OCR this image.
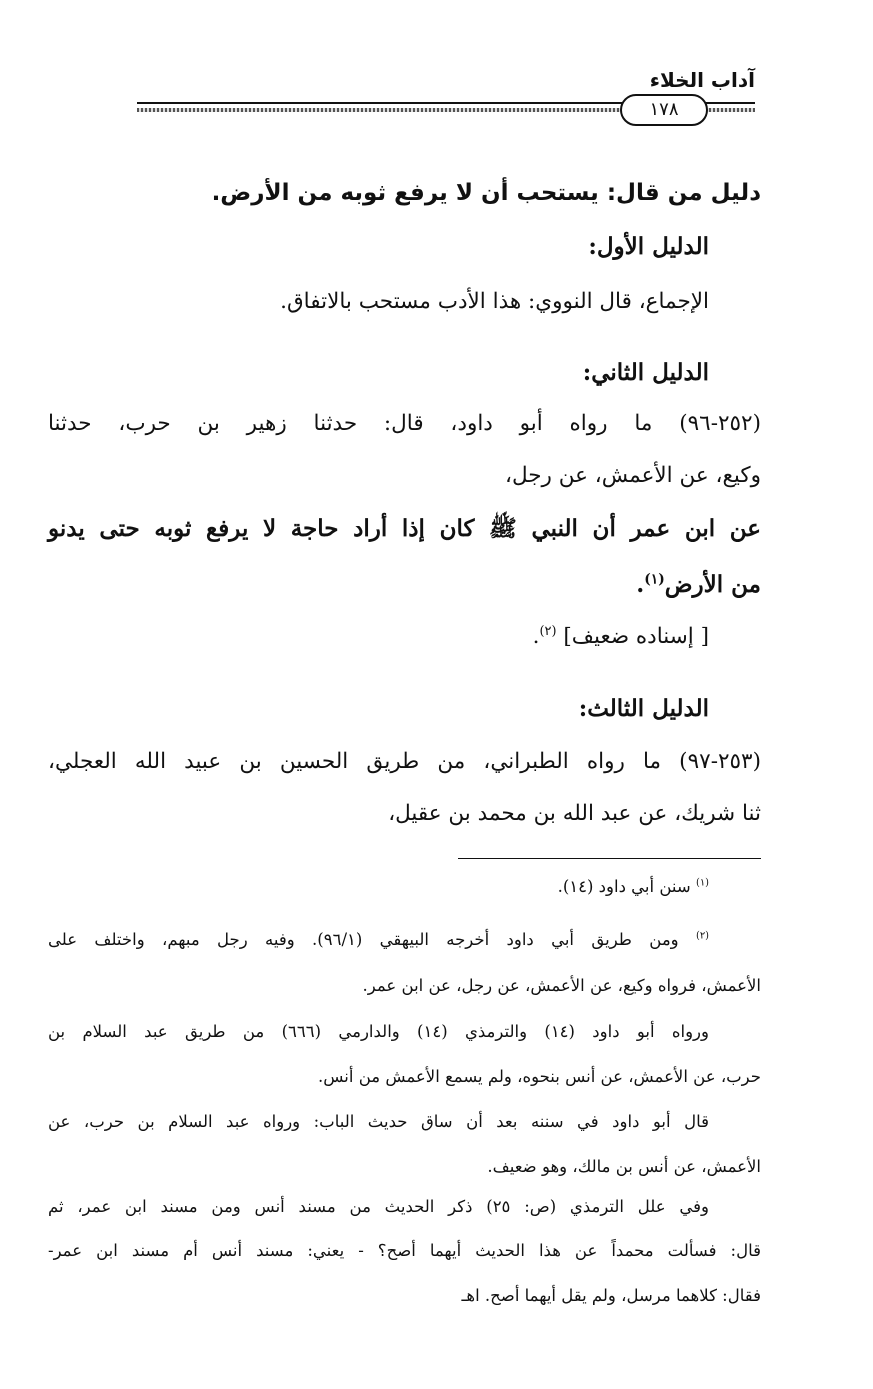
آداب الخلاء
١٧٨
دليل من قال: يستحب أن لا يرفع ثوبه من الأرض.
الدليل الأول:
الإجماع، قال النووي: هذا الأدب مستحب بالاتفاق.
الدليل الثاني:
(٢٥٢-٩٦) ما رواه أبو داود، قال: حدثنا زهير بن حرب، حدثنا
وكيع، عن الأعمش، عن رجل،
عن ابن عمر أن النبي ﷺ كان إذا أراد حاجة لا يرفع ثوبه حتى يدنو
من الأرض$^{(١)}$.
[ إسناده ضعيف] $^{(٢)}$.
الدليل الثالث:
(٢٥٣-٩٧) ما رواه الطبراني، من طريق الحسين بن عبيد الله العجلي،
ثنا شريك، عن عبد الله بن محمد بن عقيل،
$^{(١)}$ سنن أبي داود (١٤).
$^{(٢)}$ ومن طريق أبي داود أخرجه البيهقي (٩٦/١). وفيه رجل مبهم، واختلف على
الأعمش، فرواه وكيع، عن الأعمش، عن رجل، عن ابن عمر.
ورواه أبو داود (١٤) والترمذي (١٤) والدارمي (٦٦٦) من طريق عبد السلام بن
حرب، عن الأعمش، عن أنس بنحوه، ولم يسمع الأعمش من أنس.
قال أبو داود في سننه بعد أن ساق حديث الباب: ورواه عبد السلام بن حرب، عن
الأعمش، عن أنس بن مالك، وهو ضعيف.
وفي علل الترمذي (ص: ٢٥) ذكر الحديث من مسند أنس ومن مسند ابن عمر، ثم
قال: فسألت محمداً عن هذا الحديث أيهما أصح؟ - يعني: مسند أنس أم مسند ابن عمر-
فقال: كلاهما مرسل، ولم يقل أيهما أصح. اهـ
